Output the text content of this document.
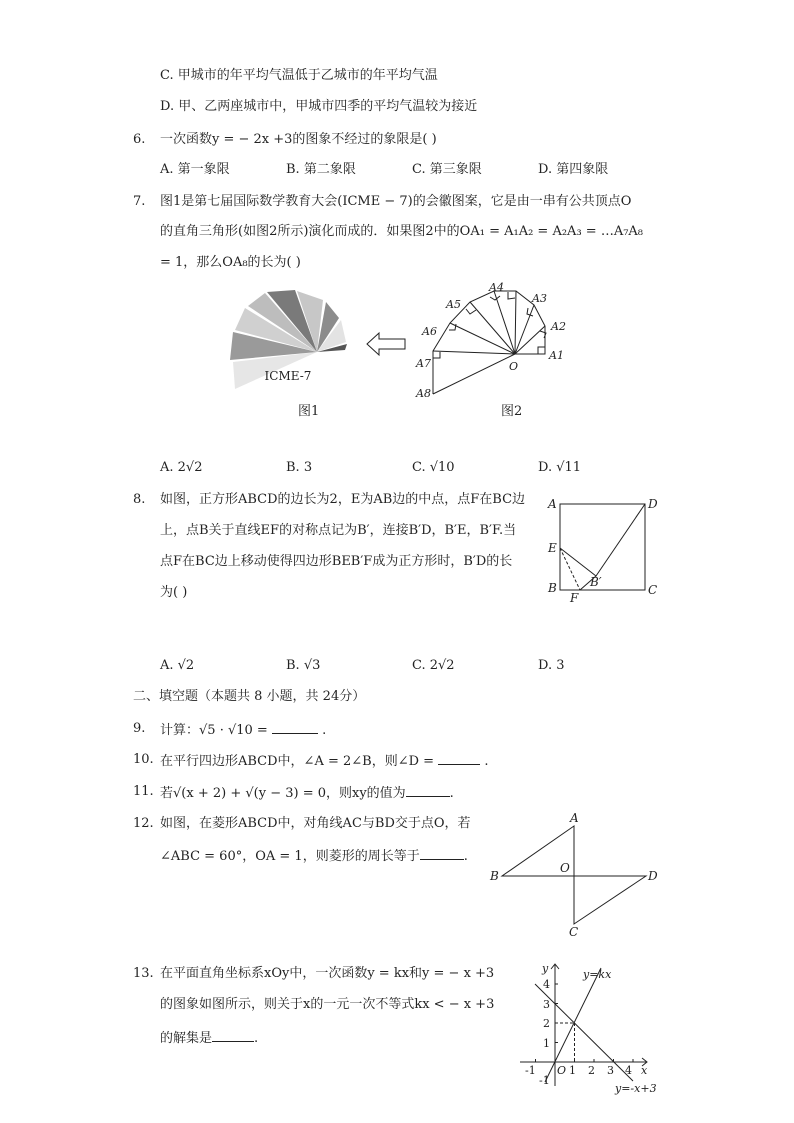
C. 甲城市的年平均气温低于乙城市的年平均气温
D. 甲、乙两座城市中，甲城市四季的平均气温较为接近
6. 一次函数y = − 2x +3的图象不经过的象限是( )
A. 第一象限	B. 第二象限	C. 第三象限	D. 第四象限
7. 图1是第七届国际数学教育大会(ICME − 7)的会徽图案，它是由一串有公共顶点O
的直角三角形(如图2所示)演化而成的．如果图2中的OA₁ = A₁A₂ = A₂A₃ = …A₇A₈
= 1，那么OA₈的长为( )
ICME-7
图1
A1
A2
A3
A4
A5
A6
A7
A8
O
图2
A. 2√2	B. 3	C. √10	D. √11
8. 如图，正方形ABCD的边长为2，E为AB边的中点，点F在BC边
上，点B关于直线EF的对称点记为B′，连接B′D，B′E，B′F.当
点F在BC边上移动使得四边形BEB′F成为正方形时，B′D的长
为( )
A	D
E
B′
B
F
C
A. √2	B. √3	C. 2√2	D. 3
二、填空题（本题共 8 小题，共 24分）
9. 计算：√5 · √10 =	.
10. 在平行四边形ABCD中，∠A = 2∠B，则∠D =	.
11. 若√(x + 2) + √(y − 3) = 0，则xy的值为	.
12. 如图，在菱形ABCD中，对角线AC与BD交于点O，若
∠ABC = 60°，OA = 1，则菱形的周长等于	.
A
B
O
D
C
13. 在平面直角坐标系xOy中，一次函数y = kx和y = − x +3
的图象如图所示，则关于x的一元一次不等式kx < − x +3
的解集是	.
-1	1 2 3 4
-1
1
2
3
4
y
x
O
y=kx
y=-x+3
